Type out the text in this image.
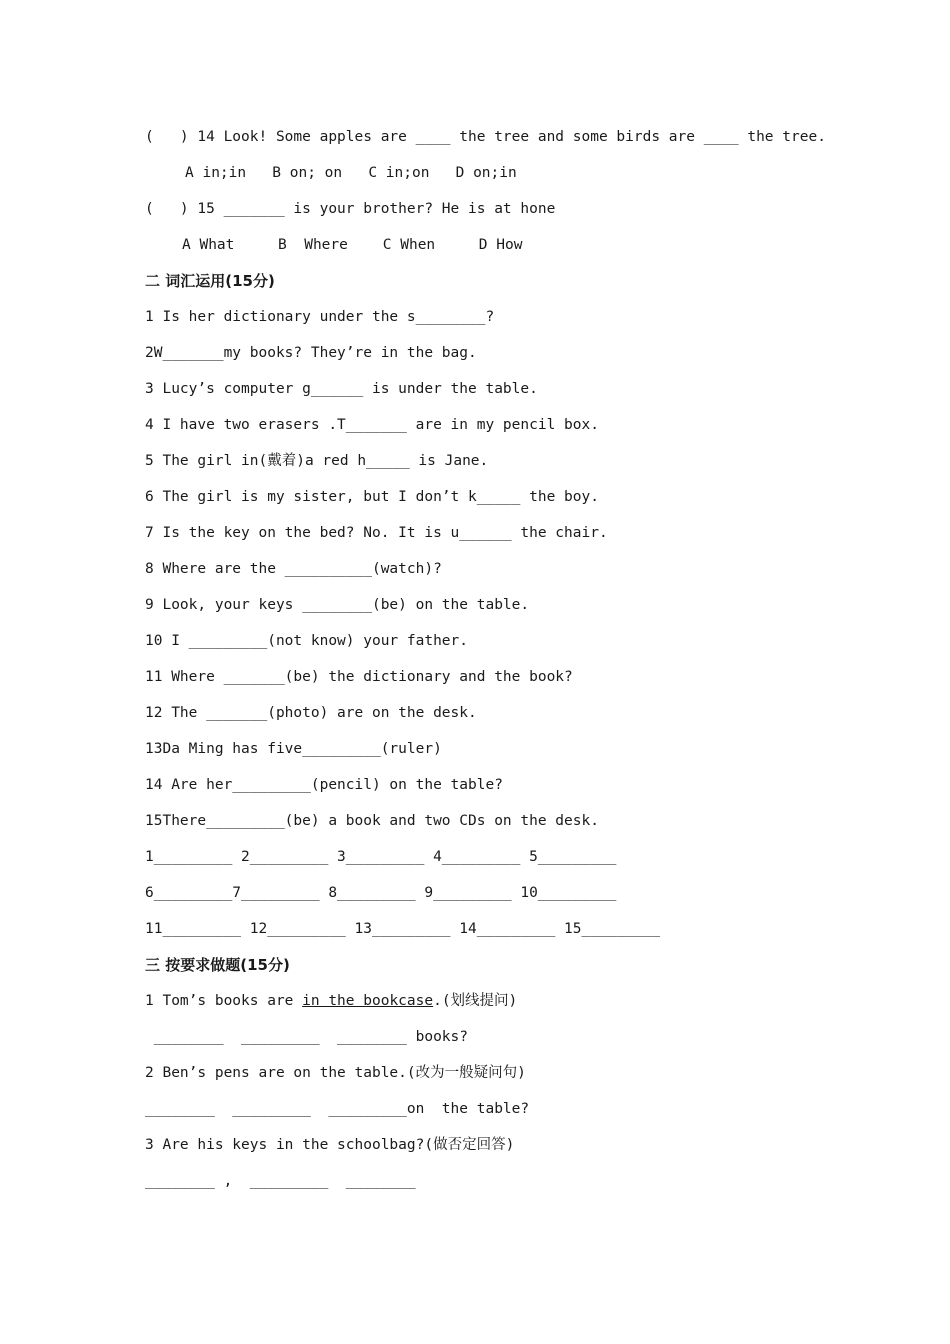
(   ) 14 Look! Some apples are ____ the tree and some birds are ____ the tree.
A in;in   B on; on   C in;on   D on;in
(   ) 15 _______ is your brother? He is at hone
A What     B  Where    C When     D How
二 词汇运用(15分)
1 Is her dictionary under the s________?
2W_______my books? They’re in the bag.
3 Lucy’s computer g______ is under the table.
4 I have two erasers .T_______ are in my pencil box.
5 The girl in(戴着)a red h_____ is Jane.
6 The girl is my sister, but I don’t k_____ the boy.
7 Is the key on the bed? No. It is u______ the chair.
8 Where are the __________(watch)?
9 Look, your keys ________(be) on the table.
10 I _________(not know) your father.
11 Where _______(be) the dictionary and the book?
12 The _______(photo) are on the desk.
13Da Ming has five_________(ruler)
14 Are her_________(pencil) on the table?
15There_________(be) a book and two CDs on the desk.
1_________ 2_________ 3_________ 4_________ 5_________
6_________7_________ 8_________ 9_________ 10_________
11_________ 12_________ 13_________ 14_________ 15_________
三 按要求做题(15分)
1 Tom’s books are in the bookcase.(划线提问)
________  _________  ________ books?
2 Ben’s pens are on the table.(改为一般疑问句)
________  _________  _________on  the table?
3 Are his keys in the schoolbag?(做否定回答)
________ ,  _________  ________
